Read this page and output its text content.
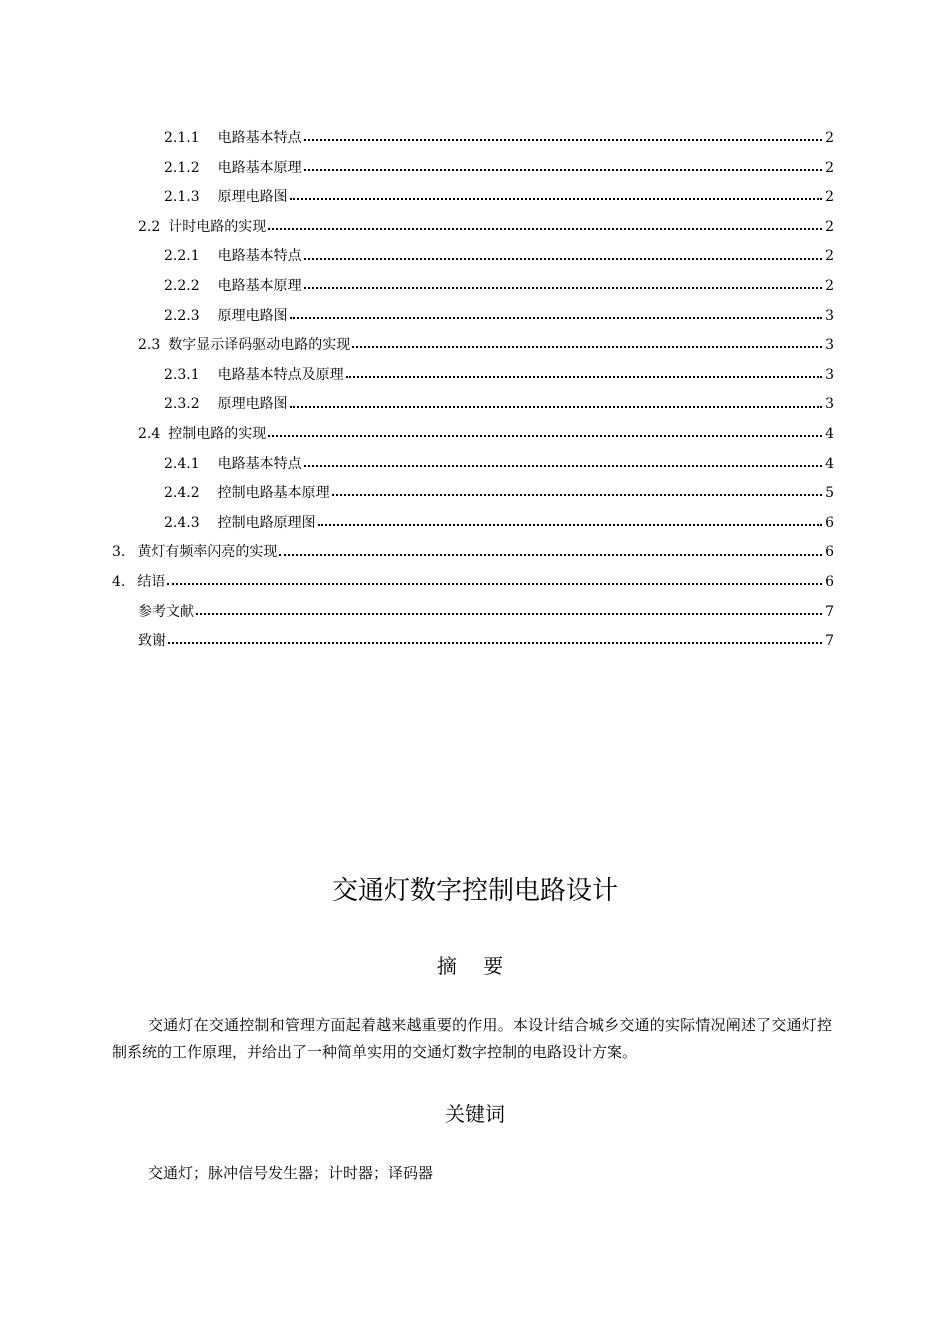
2.1.1 电路基本特点	2
2.1.2 电路基本原理	2
2.1.3 原理电路图	2
2.2 计时电路的实现	2
2.2.1 电路基本特点	2
2.2.2 电路基本原理	2
2.2.3 原理电路图	3
2.3 数字显示译码驱动电路的实现	3
2.3.1 电路基本特点及原理	3
2.3.2 原理电路图	3
2.4 控制电路的实现	4
2.4.1 电路基本特点	4
2.4.2 控制电路基本原理	5
2.4.3 控制电路原理图	6
3. 黄灯有频率闪亮的实现	6
4. 结语	6
参考文献	7
致谢	7
交通灯数字控制电路设计
摘 要
交通灯在交通控制和管理方面起着越来越重要的作用。本设计结合城乡交通的实际情况阐述了交通灯控制系统的工作原理，并给出了一种简单实用的交通灯数字控制的电路设计方案。
关键词
交通灯；脉冲信号发生器；计时器；译码器
